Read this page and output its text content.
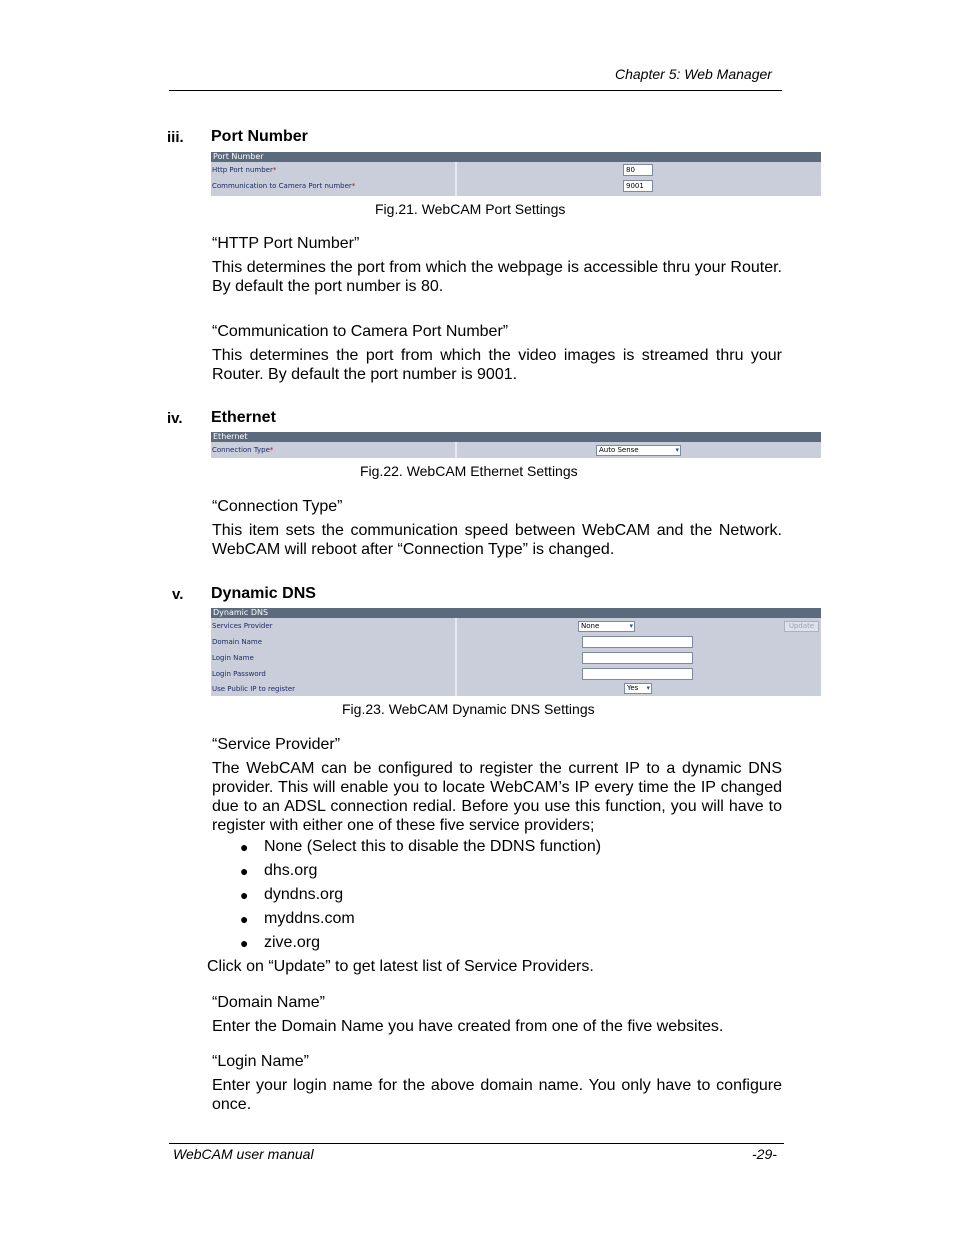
Chapter 5: Web Manager
iii. Port Number
Port Number
Http Port number*	80
Communication to Camera Port number*	9001
Fig.21. WebCAM Port Settings
“HTTP Port Number”
This determines the port from which the webpage is accessible thru your Router. By default the port number is 80.
“Communication to Camera Port Number”
This determines the port from which the video images is streamed thru your Router. By default the port number is 9001.
iv. Ethernet
Ethernet
Connection Type*	Auto Sense	▾
Fig.22. WebCAM Ethernet Settings
“Connection Type”
This item sets the communication speed between WebCAM and the Network. WebCAM will reboot after “Connection Type” is changed.
v. Dynamic DNS
Dynamic DNS
Services Provider	None	▾	Update
Domain Name
Login Name
Login Password
Use Public IP to register	Yes ▾
Fig.23. WebCAM Dynamic DNS Settings
“Service Provider”
The WebCAM can be configured to register the current IP to a dynamic DNS provider. This will enable you to locate WebCAM’s IP every time the IP changed due to an ADSL connection redial. Before you use this function, you will have to register with either one of these five service providers;
● None (Select this to disable the DDNS function)
● dhs.org
● dyndns.org
● myddns.com
● zive.org
Click on “Update” to get latest list of Service Providers.
“Domain Name”
Enter the Domain Name you have created from one of the five websites.
“Login Name”
Enter your login name for the above domain name. You only have to configure once.
WebCAM user manual	-29-
